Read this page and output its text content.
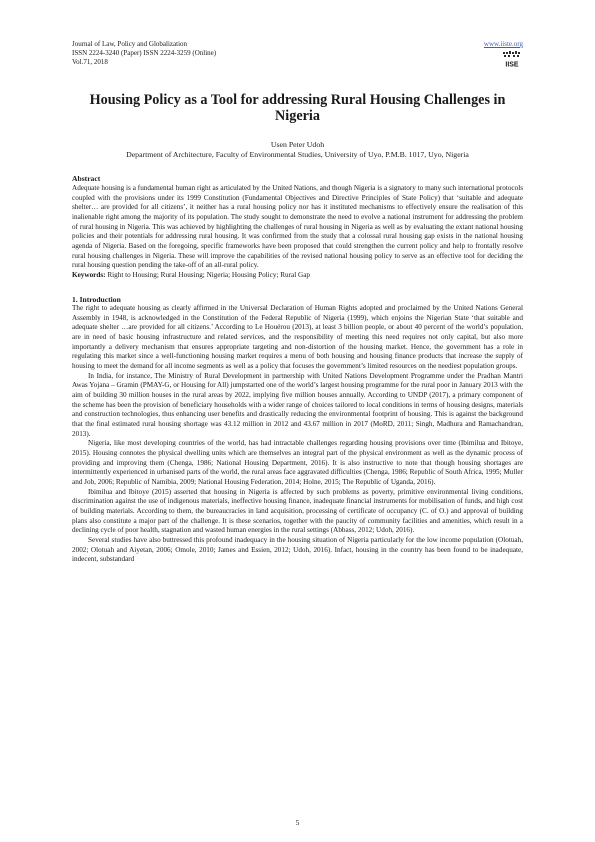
Journal of Law, Policy and Globalization
ISSN 2224-3240 (Paper) ISSN 2224-3259 (Online)
Vol.71, 2018
www.iiste.org
IISE
Housing Policy as a Tool for addressing Rural Housing Challenges in Nigeria
Usen Peter Udoh
Department of Architecture, Faculty of Environmental Studies, University of Uyo, P.M.B. 1017, Uyo, Nigeria
Abstract

Adequate housing is a fundamental human right as articulated by the United Nations, and though Nigeria is a signatory to many such international protocols coupled with the provisions under its 1999 Constitution (Fundamental Objectives and Directive Principles of State Policy) that ‘suitable and adequate shelter… are provided for all citizens’, it neither has a rural housing policy nor has it instituted mechanisms to effectively ensure the realisation of this inalienable right among the majority of its population. The study sought to demonstrate the need to evolve a national instrument for addressing the problem of rural housing in Nigeria. This was achieved by highlighting the challenges of rural housing in Nigeria as well as by evaluating the extant national housing policies and their potentials for addressing rural housing. It was confirmed from the study that a colossal rural housing gap exists in the national housing agenda of Nigeria. Based on the foregoing, specific frameworks have been proposed that could strengthen the current policy and help to frontally resolve rural housing challenges in Nigeria. These will improve the capabilities of the revised national housing policy to serve as an effective tool for deciding the rural housing question pending the take-off of an all-rural policy.

Keywords: Right to Housing; Rural Housing; Nigeria; Housing Policy; Rural Gap

1. Introduction

The right to adequate housing as clearly affirmed in the Universal Declaration of Human Rights adopted and proclaimed by the United Nations General Assembly in 1948, is acknowledged in the Constitution of the Federal Republic of Nigeria (1999), which enjoins the Nigerian State ‘that suitable and adequate shelter …are provided for all citizens.’ According to Le Houérou (2013), at least 3 billion people, or about 40 percent of the world’s population, are in need of basic housing infrastructure and related services, and the responsibility of meeting this need requires not only capital, but also more importantly a delivery mechanism that ensures appropriate targeting and non-distortion of the housing market. Hence, the government has a role in regulating this market since a well-functioning housing market requires a menu of both housing and housing finance products that increase the supply of housing to meet the demand for all income segments as well as a policy that focuses the government’s limited resources on the neediest population groups.

In India, for instance, The Ministry of Rural Development in partnership with United Nations Development Programme under the Pradhan Mantri Awas Yojana – Gramin (PMAY-G, or Housing for All) jumpstarted one of the world’s largest housing programme for the rural poor in January 2013 with the aim of building 30 million houses in the rural areas by 2022, implying five million houses annually. According to UNDP (2017), a primary component of the scheme has been the provision of beneficiary households with a wider range of choices tailored to local conditions in terms of housing designs, materials and construction technologies, thus enhancing user benefits and drastically reducing the environmental footprint of housing. This is against the background that the final estimated rural housing shortage was 43.12 million in 2012 and 43.67 million in 2017 (MoRD, 2011; Singh, Madhura and Ramachandran, 2013).

Nigeria, like most developing countries of the world, has had intractable challenges regarding housing provisions over time (Ibimilua and Ibitoye, 2015). Housing connotes the physical dwelling units which are themselves an integral part of the physical environment as well as the dynamic process of providing and improving them (Chenga, 1986; National Housing Department, 2016). It is also instructive to note that though housing shortages are intermittently experienced in urbanised parts of the world, the rural areas face aggravated difficulties (Chenga, 1986; Republic of South Africa, 1995; Muller and Job, 2006; Republic of Namibia, 2009; National Housing Federation, 2014; Holne, 2015; The Republic of Uganda, 2016).

Ibimilua and Ibitoye (2015) asserted that housing in Nigeria is affected by such problems as poverty, primitive environmental living conditions, discrimination against the use of indigenous materials, ineffective housing finance, inadequate financial instruments for mobilisation of funds, and high cost of building materials. According to them, the bureaucracies in land acquisition, processing of certificate of occupancy (C. of O.) and approval of building plans also constitute a major part of the challenge. It is these scenarios, together with the paucity of community facilities and amenities, which result in a declining cycle of poor health, stagnation and wasted human energies in the rural settings (Abbass, 2012; Udoh, 2016).

Several studies have also buttressed this profound inadequacy in the housing situation of Nigeria particularly for the low income population (Olotuah, 2002; Olotuah and Aiyetan, 2006; Omole, 2010; James and Essien, 2012; Udoh, 2016). Infact, housing in the country has been found to be inadequate, indecent, substandard

5
